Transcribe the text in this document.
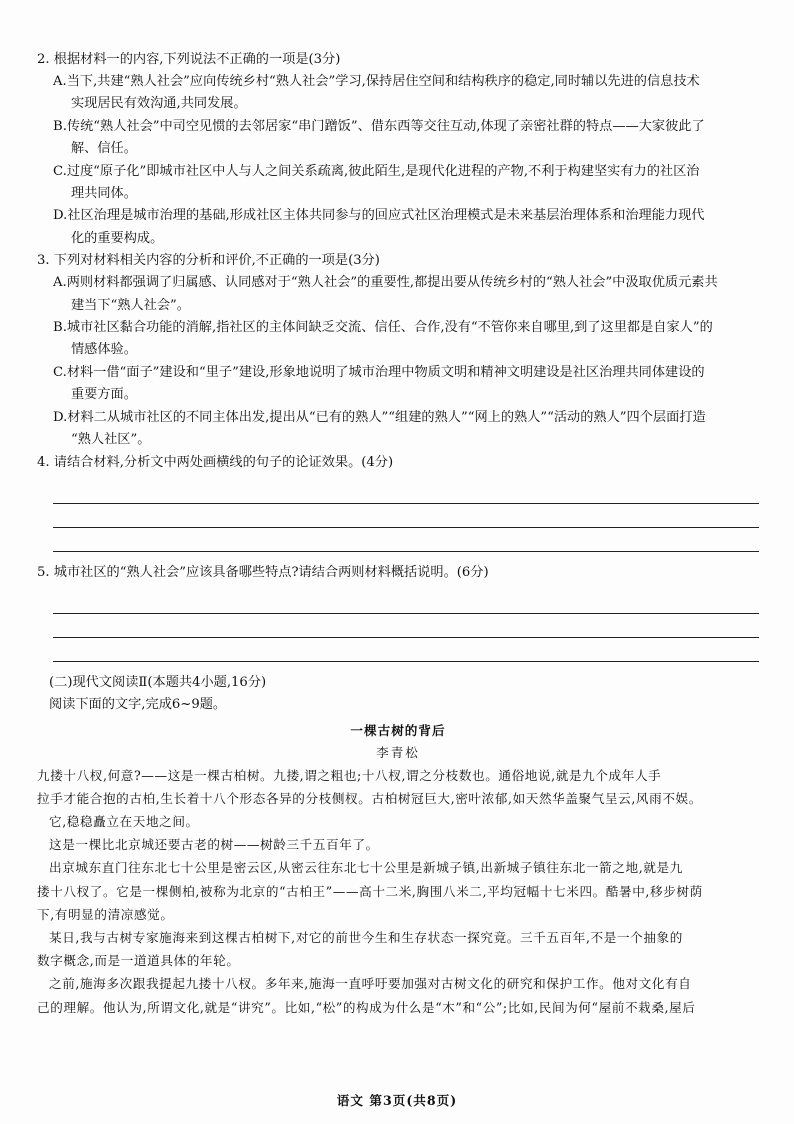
2. 根据材料一的内容,下列说法不正确的一项是(3分)

A.当下,共建“熟人社会”应向传统乡村“熟人社会”学习,保持居住空间和结构秩序的稳定,同时辅以先进的信息技术
实现居民有效沟通,共同发展。
B.传统“熟人社会”中司空见惯的去邻居家“串门蹭饭”、借东西等交往互动,体现了亲密社群的特点——大家彼此了
解、信任。
C.过度“原子化”即城市社区中人与人之间关系疏离,彼此陌生,是现代化进程的产物,不利于构建坚实有力的社区治
理共同体。
D.社区治理是城市治理的基础,形成社区主体共同参与的回应式社区治理模式是未来基层治理体系和治理能力现代
化的重要构成。

3. 下列对材料相关内容的分析和评价,不正确的一项是(3分)

A.两则材料都强调了归属感、认同感对于“熟人社会”的重要性,都提出要从传统乡村的“熟人社会”中汲取优质元素共
建当下“熟人社会”。
B.城市社区黏合功能的消解,指社区的主体间缺乏交流、信任、合作,没有“不管你来自哪里,到了这里都是自家人”的
情感体验。
C.材料一借“面子”建设和“里子”建设,形象地说明了城市治理中物质文明和精神文明建设是社区治理共同体建设的
重要方面。
D.材料二从城市社区的不同主体出发,提出从“已有的熟人”“组建的熟人”“网上的熟人”“活动的熟人”四个层面打造
“熟人社区”。

4. 请结合材料,分析文中两处画横线的句子的论证效果。(4分)

5. 城市社区的“熟人社会”应该具备哪些特点?请结合两则材料概括说明。(6分)

(二)现代文阅读Ⅱ(本题共4小题,16分)

阅读下面的文字,完成6~9题。

一棵古树的背后

李青松

九搂十八杈,何意?——这是一棵古柏树。九搂,谓之粗也;十八杈,谓之分枝数也。通俗地说,就是九个成年人手

拉手才能合抱的古柏,生长着十八个形态各异的分枝侧杈。古柏树冠巨大,密叶浓郁,如天然华盖聚气呈云,风雨不娱。

它,稳稳矗立在天地之间。

这是一棵比北京城还要古老的树——树龄三千五百年了。

出京城东直门往东北七十公里是密云区,从密云往东北七十公里是新城子镇,出新城子镇往东北一箭之地,就是九

搂十八杈了。它是一棵侧柏,被称为北京的“古柏王”——高十二米,胸围八米二,平均冠幅十七米四。酷暑中,移步树荫

下,有明显的清凉感觉。

某日,我与古树专家施海来到这棵古柏树下,对它的前世今生和生存状态一探究竟。三千五百年,不是一个抽象的

数字概念,而是一道道具体的年轮。

之前,施海多次跟我提起九搂十八杈。多年来,施海一直呼吁要加强对古树文化的研究和保护工作。他对文化有自

己的理解。他认为,所谓文化,就是“讲究”。比如,“松”的构成为什么是“木”和“公”;比如,民间为何“屋前不栽桑,屋后

语文 第3页(共8页)
